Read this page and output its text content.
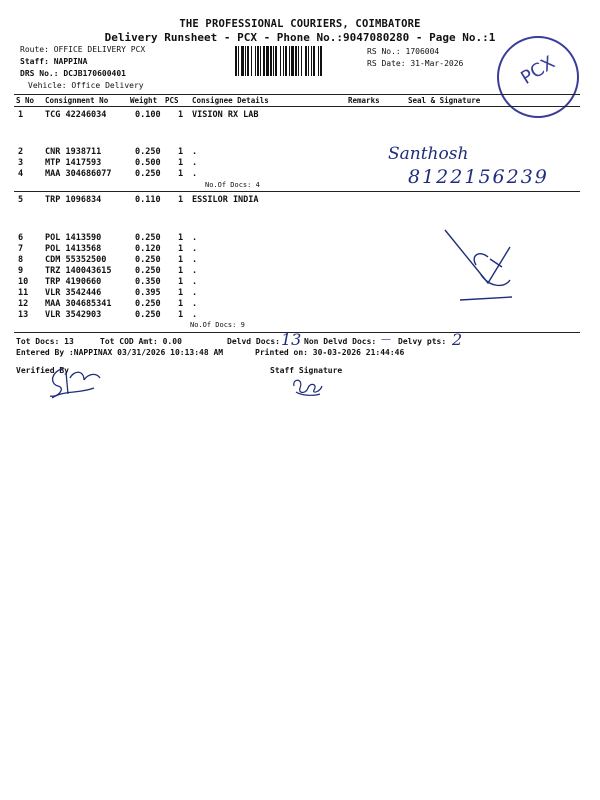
THE PROFESSIONAL COURIERS, COIMBATORE
Delivery Runsheet - PCX - Phone No.:9047080280 - Page No.:1
Route: OFFICE DELIVERY PCX
Staff: NAPPINA
DRS No.: DCJB170600401
Vehicle: Office Delivery
RS No.: 1706004
RS Date: 31-Mar-2026	PCX
S No Consignment No	Weight PCS Consignee Details	Remarks	Seal & Signature
1	TCG 42246034	0.100 1 VISION RX LAB
2	CNR 1938711	0.250 1 .
3	MTP 1417593	0.500 1 .
4	MAA 304686077	0.250 1 .
No.Of Docs: 4
Santhosh
8122156239
5	TRP 1096834	0.110 1 ESSILOR INDIA
6	POL 1413590	0.250 1 .
7	POL 1413568	0.120 1 .
8	CDM 55352500	0.250 1 .
9	TRZ 140043615	0.250 1 .
10 TRP 4190660	0.350 1 .
11 VLR 3542446	0.395 1 .
12 MAA 304685341	0.250 1 .
13 VLR 3542903	0.250 1 .
No.Of Docs: 9
Tot Docs: 13	Tot COD Amt: 0.00	Delvd Docs: 13 Non Delvd Docs: — Delvy pts: 2
Entered By :NAPPINAX 03/31/2026 10:13:48 AM	Printed on: 30-03-2026 21:44:46
Verified By	Staff Signature
